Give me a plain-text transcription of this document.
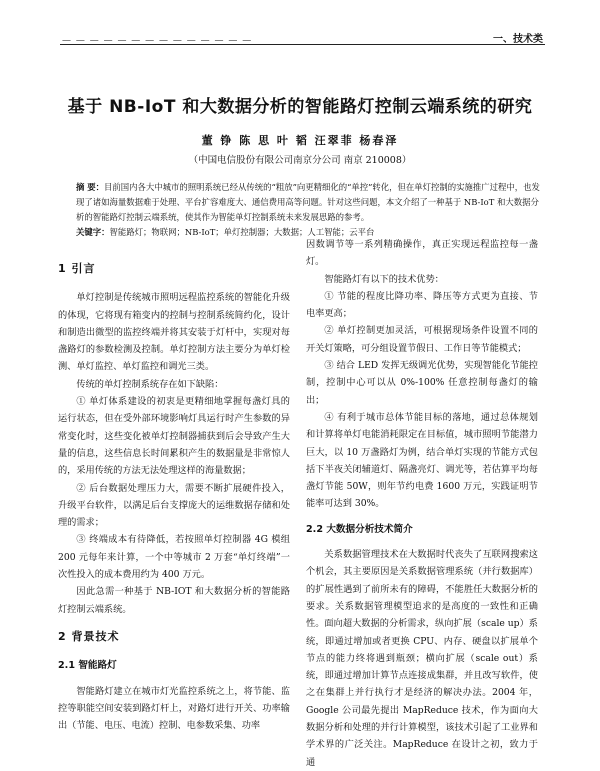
— — — — — — — — — — — — — —	一、技术类
基于 NB-IoT 和大数据分析的智能路灯控制云端系统的研究
董 铮 陈 思 叶 韬 汪翠菲 杨春泽
（中国电信股份有限公司南京分公司 南京 210008）
摘 要：目前国内各大中城市的照明系统已经从传统的“粗放”向更精细化的“单控”转化，但在单灯控制的实施推广过程中，也发现了诸如海量数据难于处理、平台扩容难度大、通信费用高等问题。针对这些问题，本文介绍了一种基于 NB-IoT 和大数据分析的智能路灯控制云端系统，使其作为智能单灯控制系统未来发展思路的参考。
关键字：智能路灯；物联网；NB-IoT；单灯控制器；大数据；人工智能；云平台
1 引言

单灯控制是传统城市照明远程监控系统的智能化升级的体现，它将现有箱变内的控制与控制系统简约化，设计和制造出微型的监控终端并将其安装于灯杆中，实现对每盏路灯的参数检测及控制。单灯控制方法主要分为单灯检测、单灯监控、单灯监控和调光三类。

传统的单灯控制系统存在如下缺陷：

① 单灯体系建设的初衷是更精细地掌握每盏灯具的运行状态，但在受外部环境影响灯具运行时产生参数的异常变化时，这些变化被单灯控制器捕获到后会导致产生大量的信息，这些信息长时间累积产生的数据量是非常惊人的，采用传统的方法无法处理这样的海量数据；

② 后台数据处理压力大，需要不断扩展硬件投入，升级平台软件，以满足后台支撑庞大的运维数据存储和处理的需求；

③ 终端成本有待降低，若按照单灯控制器 4G 模组 200 元每年来计算，一个中等城市 2 万套“单灯终端”一次性投入的成本费用约为 400 万元。

因此急需一种基于 NB-IOT 和大数据分析的智能路灯控制云端系统。

2 背景技术
2.1 智能路灯

智能路灯建立在城市灯光监控系统之上，将节能、监控等职能空间安装到路灯杆上，对路灯进行开关、功率输出（节能、电压、电流）控制、电参数采集、功率

因数调节等一系列精确操作，真正实现远程监控每一盏灯。

智能路灯有以下的技术优势：

① 节能的程度比降功率、降压等方式更为直接、节电率更高；

② 单灯控制更加灵活，可根据现场条件设置不同的开关灯策略，可分组设置节假日、工作日等节能模式；

③ 结合 LED 发挥无级调光优势，实现智能化节能控制，控制中心可以从 0%-100% 任意控制每盏灯的输出；

④ 有利于城市总体节能目标的落地，通过总体规划和计算将单灯电能消耗限定在目标值，城市照明节能潜力巨大，以 10 万盏路灯为例，结合单灯实现的节能方式包括下半夜关闭辅道灯、隔盏亮灯、调光等，若估算平均每盏灯节能 50W，则年节约电费 1600 万元，实践证明节能率可达到 30%。

2.2 大数据分析技术简介

关系数据管理技术在大数据时代丧失了互联网搜索这个机会，其主要原因是关系数据管理系统（并行数据库）的扩展性遇到了前所未有的障碍，不能胜任大数据分析的要求。关系数据管理模型追求的是高度的一致性和正确性。面向超大数据的分析需求，纵向扩展（scale up）系统，即通过增加或者更换 CPU、内存、硬盘以扩展单个节点的能力终将遇到瓶颈；横向扩展（scale out）系统，即通过增加计算节点连接成集群，并且改写软件，使之在集群上并行执行才是经济的解决办法。2004 年，Google 公司最先提出 MapReduce 技术，作为面向大数据分析和处理的并行计算模型，该技术引起了工业界和学术界的广泛关注。MapReduce 在设计之初，致力于通
